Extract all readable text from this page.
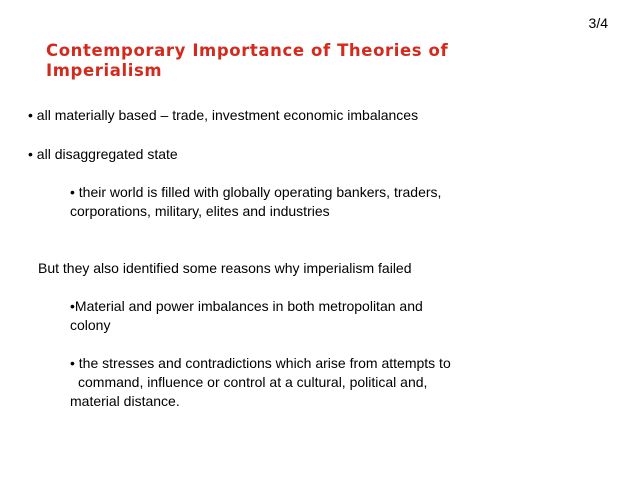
3/4
Contemporary Importance of Theories of Imperialism
• all materially based – trade, investment economic imbalances
• all disaggregated state
• their world is filled with globally operating bankers, traders,
corporations, military, elites and industries
But they also identified some reasons why imperialism failed
•Material and power imbalances in both metropolitan and
colony
• the stresses and contradictions which arise from attempts to
command, influence or control at a cultural, political and,
material distance.
